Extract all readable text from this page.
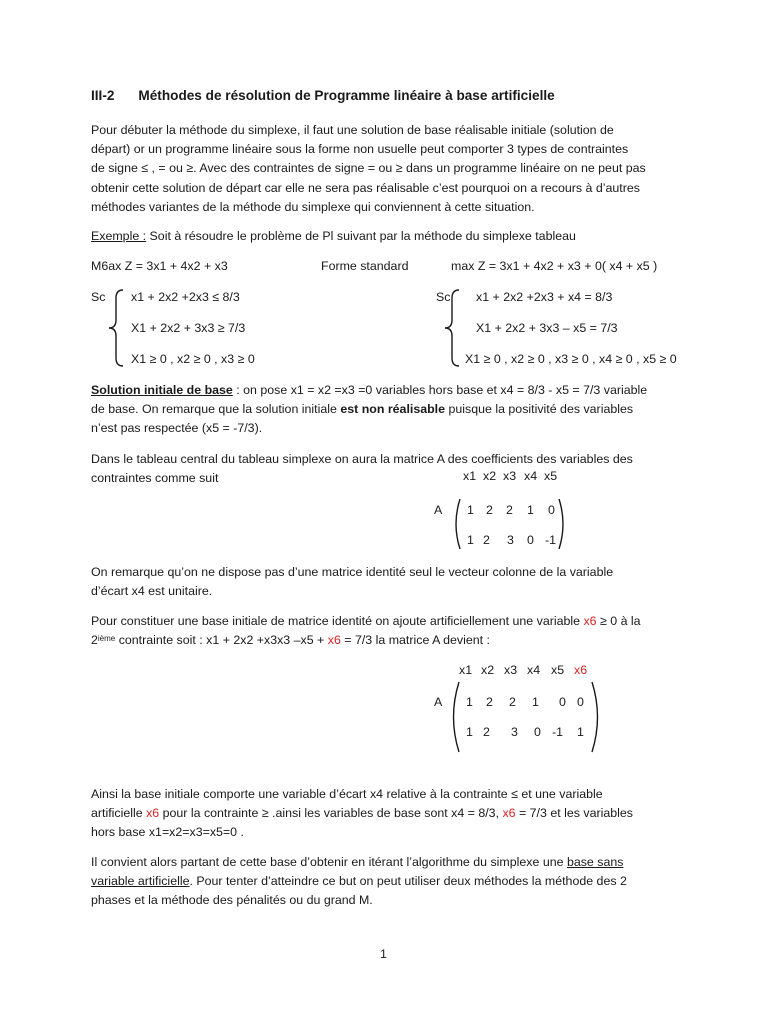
III-2 Méthodes de résolution de Programme linéaire à base artificielle
Pour débuter la méthode du simplexe, il faut une solution de base réalisable initiale (solution de
départ) or un programme linéaire sous la forme non usuelle peut comporter 3 types de contraintes
de signe ≤ , = ou ≥. Avec des contraintes de signe = ou ≥ dans un programme linéaire on ne peut pas
obtenir cette solution de départ car elle ne sera pas réalisable c’est pourquoi on a recours à d’autres
méthodes variantes de la méthode du simplexe qui conviennent à cette situation.
Exemple : Soit à résoudre le problème de Pl suivant par la méthode du simplexe tableau
M6ax Z = 3x1 + 4x2 + x3	Forme standard	max Z = 3x1 + 4x2 + x3 + 0( x4 + x5 )
Sc x1 + 2x2 +2x3 ≤ 8/3
X1 + 2x2 + 3x3 ≥ 7/3
X1 ≥ 0 , x2 ≥ 0 , x3 ≥ 0
Sc x1 + 2x2 +2x3 + x4 = 8/3
X1 + 2x2 + 3x3 – x5 = 7/3
X1 ≥ 0 , x2 ≥ 0 , x3 ≥ 0 , x4 ≥ 0 , x5 ≥ 0
Solution initiale de base : on pose x1 = x2 =x3 =0 variables hors base et x4 = 8/3 - x5 = 7/3 variable
de base. On remarque que la solution initiale est non réalisable puisque la positivité des variables
n’est pas respectée (x5 = -7/3).
Dans le tableau central du tableau simplexe on aura la matrice A des coefficients des variables des
contraintes comme suit	x1 x2 x3 x4 x5
A 1 2 2 1 0
1 2 3 0 -1
On remarque qu’on ne dispose pas d’une matrice identité seul le vecteur colonne de la variable
d’écart x4 est unitaire.
Pour constituer une base initiale de matrice identité on ajoute artificiellement une variable x6 ≥ 0 à la
2ième contrainte soit : x1 + 2x2 +x3x3 –x5 + x6 = 7/3 la matrice A devient :
x1 x2 x3 x4 x5 x6
A 1 2 2 1 0 0
1 2 3 0 -1 1
Ainsi la base initiale comporte une variable d’écart x4 relative à la contrainte ≤ et une variable
artificielle x6 pour la contrainte ≥ .ainsi les variables de base sont x4 = 8/3, x6 = 7/3 et les variables
hors base x1=x2=x3=x5=0 .
Il convient alors partant de cette base d’obtenir en itérant l’algorithme du simplexe une base sans
variable artificielle. Pour tenter d’atteindre ce but on peut utiliser deux méthodes la méthode des 2
phases et la méthode des pénalités ou du grand M.
1
